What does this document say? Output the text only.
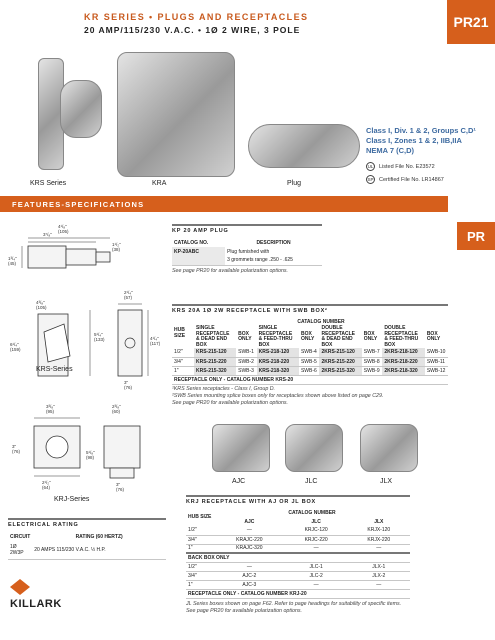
KR SERIES • PLUGS AND RECEPTACLES
20 AMP/115/230 V.A.C. • 1Ø 2 WIRE, 3 POLE	PR21
PR
KRS Series	KRA	Plug
Class I, Div. 1 & 2, Groups C,D¹
Class I, Zones 1 & 2, IIB,IIA
NEMA 7 (C,D)
UL Listed File No. E23572
SP Certified File No. LR14867
FEATURES-SPECIFICATIONS
4¹/₈"
(105)
3⁷/₈"
1¹/₂"
(38)
1³/₄"
(45)
KP 20 AMP PLUG
CATALOG NO.	DESCRIPTION
KP-20ABC	Plug furnished with
	3 grommets range .250 - .625
See page PR20 for available polarization options.
4³/₈"
(105)
2¹/₄"
(57)
5¹/₄"
(133)	4¹/₄"
(117)
6¹/₄"
(159)
3"
(76)
KRS-Series
KRS 20A 1Ø 2W RECEPTACLE WITH SWB BOX²
HUB SIZE	CATALOG NUMBER							
	SINGLE RECEPTACLE & DEAD END BOX	BOX ONLY	SINGLE RECEPTACLE & FEED-THRU BOX	BOX ONLY	DOUBLE RECEPTACLE & DEAD END BOX	BOX ONLY	DOUBLE RECEPTACLE & FEED-THRU BOX	BOX ONLY
1/2"	KRS-215-120	SWB-1	KRS-218-120	SWB-4	2KRS-215-120	SWB-7	2KRS-218-120	SWB-10
3/4"	KRS-215-220	SWB-2	KRS-218-220	SWB-5	2KRS-215-220	SWB-8	2KRS-218-220	SWB-11
1"	KRS-215-320	SWB-3	KRS-218-320	SWB-6	2KRS-215-320	SWB-9	2KRS-218-320	SWB-12
RECEPTACLE ONLY - CATALOG NUMBER KRS-20								
¹KRS Series receptacles - Class I, Group D.
²SWB Series mounting splice boxes only for receptacles shown above listed on page C29.
See page PR20 for available polarization options.
3³/₈"
(95)
2³/₈"
(60)
3"
(76)	5¹/₈"
(98)
2¹/₂"
(64)
3"
(76)
KRJ-Series
AJC	JLC	JLX
ELECTRICAL RATING
CIRCUIT	RATING (60 HERTZ)
1Ø 2W3P	20 AMPS 115/230 V.A.C. ½ H.P.
KRJ RECEPTACLE WITH AJ OR JL BOX
HUB SIZE	CATALOG NUMBER		
	AJC	JLC	JLX
1/2"	—	KRJC-120	KRJX-120
3/4"	KRAJC-220	KRJC-220	KRJX-220
1"	KRAJC-320	—	—
BACK BOX ONLY			
1/2"	—	JLC-1	JLX-1
3/4"	AJC-2	JLC-2	JLX-2
1"	AJC-3	—	—
RECEPTACLE ONLY - CATALOG NUMBER KRJ-20			
JL Series boxes shown on page F62. Refer to page headings for suitability of specific items.
See page PR20 for available polarization options.
KILLARK
